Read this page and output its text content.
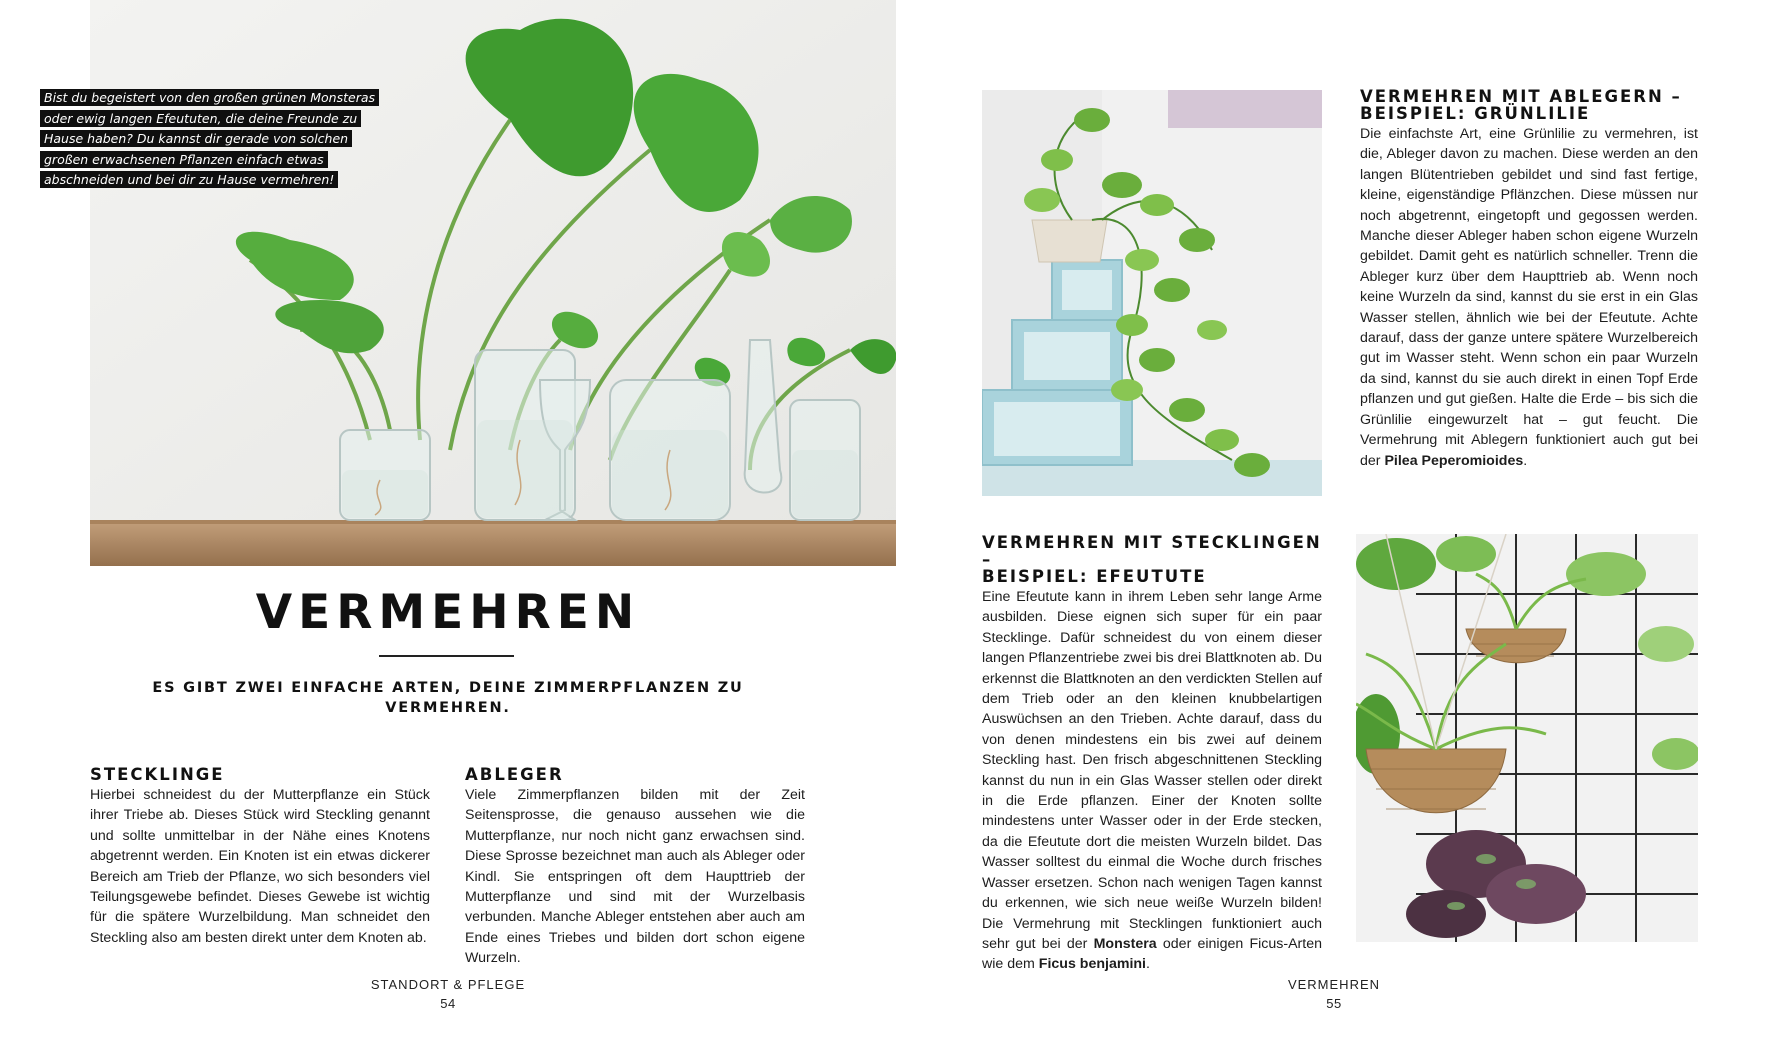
Bist du begeistert von den großen grünen Monsteras oder ewig langen Efeututen, die deine Freunde zu Hause haben? Du kannst dir gerade von solchen großen erwachsenen Pflanzen einfach etwas abschneiden und bei dir zu Hause vermehren!
VERMEHREN
ES GIBT ZWEI EINFACHE ARTEN, DEINE ZIMMERPFLANZEN ZU VERMEHREN.
STECKLINGE

Hierbei schneidest du der Mutterpflanze ein Stück ihrer Triebe ab. Dieses Stück wird Steckling genannt und sollte unmittelbar in der Nähe eines Knotens abgetrennt werden. Ein Knoten ist ein etwas dickerer Bereich am Trieb der Pflanze, wo sich besonders viel Teilungsgewebe befindet. Dieses Gewebe ist wichtig für die spätere Wurzelbildung. Man schneidet den Steckling also am besten direkt unter dem Knoten ab.

ABLEGER

Viele Zimmerpflanzen bilden mit der Zeit Seitensprosse, die genauso aussehen wie die Mutterpflanze, nur noch nicht ganz erwachsen sind. Diese Sprosse bezeichnet man auch als Ableger oder Kindl. Sie entspringen oft dem Haupttrieb der Mutterpflanze und sind mit der Wurzelbasis verbunden. Manche Ableger entstehen aber auch am Ende eines Triebes und bilden dort schon eigene Wurzeln.

STANDORT & PFLEGE
54
VERMEHREN MIT ABLEGERN –
BEISPIEL: GRÜNLILIE

Die einfachste Art, eine Grünlilie zu vermehren, ist die, Ableger davon zu machen. Diese werden an den langen Blütentrieben gebildet und sind fast fertige, kleine, eigenständige Pflänzchen. Diese müssen nur noch abgetrennt, eingetopft und gegossen werden. Manche dieser Ableger haben schon eigene Wurzeln gebildet. Damit geht es natürlich schneller. Trenn die Ableger kurz über dem Haupttrieb ab. Wenn noch keine Wurzeln da sind, kannst du sie erst in ein Glas Wasser stellen, ähnlich wie bei der Efeutute. Achte darauf, dass der ganze untere spätere Wurzelbereich gut im Wasser steht. Wenn schon ein paar Wurzeln da sind, kannst du sie auch direkt in einen Topf Erde pflanzen und gut gießen. Halte die Erde – bis sich die Grünlilie eingewurzelt hat – gut feucht. Die Vermehrung mit Ablegern funktioniert auch gut bei der Pilea Peperomioides.

VERMEHREN MIT STECKLINGEN –
BEISPIEL: EFEUTUTE

Eine Efeutute kann in ihrem Leben sehr lange Arme ausbilden. Diese eignen sich super für ein paar Stecklinge. Dafür schneidest du von einem dieser langen Pflanzentriebe zwei bis drei Blattknoten ab. Du erkennst die Blattknoten an den verdickten Stellen auf dem Trieb oder an den kleinen knubbelartigen Auswüchsen an den Trieben. Achte darauf, dass du von denen mindestens ein bis zwei auf deinem Steckling hast. Den frisch abgeschnittenen Steckling kannst du nun in ein Glas Wasser stellen oder direkt in die Erde pflanzen. Einer der Knoten sollte mindestens unter Wasser oder in der Erde stecken, da die Efeutute dort die meisten Wurzeln bildet. Das Wasser solltest du einmal die Woche durch frisches Wasser ersetzen. Schon nach wenigen Tagen kannst du erkennen, wie sich neue weiße Wurzeln bilden! Die Vermehrung mit Stecklingen funktioniert auch sehr gut bei der Monstera oder einigen Ficus-Arten wie dem Ficus benjamini.

VERMEHREN
55
